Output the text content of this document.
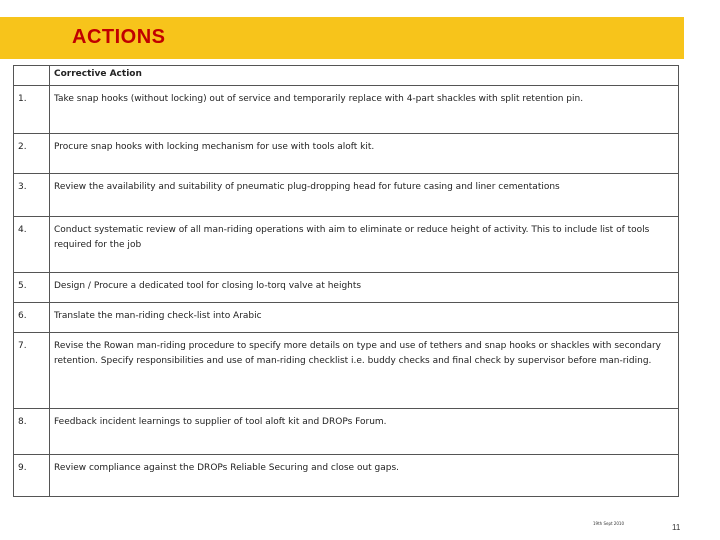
ACTIONS
	Corrective Action
1.	Take snap hooks (without locking) out of service and temporarily replace with 4-part shackles with split retention pin.
2.	Procure snap hooks with locking mechanism for use with tools aloft kit.
3.	Review the availability and suitability of pneumatic plug-dropping head for future casing and liner cementations
4.	Conduct systematic review of all man-riding operations with aim to eliminate or reduce height of activity. This to include list of tools required for the job
5.	Design / Procure a dedicated tool for closing lo-torq valve at heights
6.	Translate the man-riding check-list into Arabic
7.	Revise the Rowan man-riding procedure to specify more details on type and use of tethers and snap hooks or shackles with secondary retention. Specify responsibilities and use of man-riding checklist i.e. buddy checks and final check by supervisor before man-riding.
8.	Feedback incident learnings to supplier of tool aloft kit and DROPs Forum.
9.	Review compliance against the DROPs Reliable Securing and close out gaps.
19th Sept 2010	11
